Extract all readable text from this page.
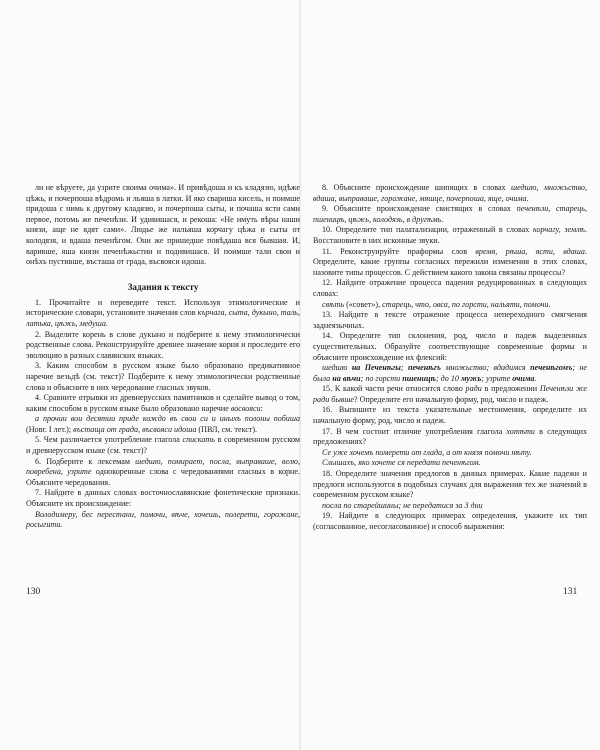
ли не вѣруете, да узрите своима очима». И привѣдоша и къ кладязю, идѣже цѣжь, и почерпоша вѣдромь и льяша в латки. И яко свариша кисель, и поимше придоша с нимь к другому кладязю, и почерпоша сыты, и почаша ясти сами первое, потомь же печенѣзи. И удивишася, и рекоша: «Не имуть вѣры наши князи, аще не ядят сами». Людье же нальяша корчагу цѣжа и сыты от колодязя, и вдаша печенѣгом. Они же пришедше повѣдаша вся бывшая. И, варивше, яша князи печенѣжьстии и подивишася. И поимше тали свои и онѣхъ пустивше, въсташа от града, въсвояси идоша.

Задания к тексту

1. Прочитайте и переведите текст. Используя этимологические и исторические словари, установите значения слов кърчага, сыта, дукыно, таль, латька, цѣжь, медуша.

2. Выделите корень в слове дукыно и подберите к нему этимологически родственные слова. Реконструируйте древнее значение корня и проследите его эволюцию в разных славянских языках.

3. Каким способом в русском языке было образовано предикативное наречие везьдѣ (см. текст)? Подберите к нему этимологически родственные слова и объясните в них чередование гласных звуков.

4. Сравните отрывки из древнерусских памятников и сделайте вывод о том, каким способом в русском языке было образовано наречие восвояси:

а прочии вои десятии приде кождо въ свои си и иныхъ полоны побиша (Новг. I лет.); въстаща от града, въсвояси идоша (ПВЛ, см. текст).

5. Чем различается употребление глагола спискать в современном русском и древнерусском языке (см. текст)?

6. Подберите к лексемам шедшю, помирает, посла, выправаше, велю, повребена, узрите однокоренные слова с чередованиями гласных в корне. Объясните чередования.

7. Найдите в данных словах восточнославянские фонетические признаки. Объясните их происхождение:

Володимеру, бес перестани, помочи, вѣче, хочешь, полерети, горожане, росыгити.

130

8. Объясните происхождение шипящих в словах шедшю, множьство, вдаша, выправаше, горожане, мяшце, почерпоша, яще, очима.

9. Объясните происхождение свистящих в словах печенѣзи, старець, пшеницѣ, цѣжь, колодязь, в другѣмь.

10. Определите тип палатализации, отраженный в словах корчагу, землѣ. Восстановите в них исконные звуки.

11. Реконструируйте праформы слов время, рѣша, ясти, вдаша. Определите, какие группы согласных пережили изменения в этих словах, назовите типы процессов. С действием какого закона связаны процессы?

12. Найдите отражение процесса падения редуцированных в следующих словах:

свѣть («совет»), старець, что, овса, по горсти, нальяти, помочи.

13. Найдите в тексте отражение процесса непереходного смягчения заднеязычных.

14. Определите тип склонения, род, число и падеж выделенных существительных. Образуйте соответствующие современные формы и объясните происхождение их флексий:

шедшю на Печенѣгы; печенѣгъ множьство; вдадимся печенѣгомъ; не была на вѣчи; по горсти пшеницѣ; до 10 мужь; узрите очима.

15. К какой части речи относится слово ради в предложении Печенѣзи же ради бывше? Определите его начальную форму, род, число и падеж.

16. Выпишите из текста указательные местоимения, определите их начальную форму, род, число и падеж.

17. В чем состоит отличие употребления глагола хотѣти в следующих предложениях?

Се уже хочемъ померети от глада, а от князя помочи нѣту.

Слышахъ, яко хочете ся передати печенѣгом.

18. Определите значения предлогов в данных примерах. Какие падежи и предлоги используются в подобных случаях для выражения тех же значений в современном русском языке?

посла по старейшины; не передатися за 3 дни

19. Найдите в следующих примерах определения, укажите их тип (согласованное, несогласованное) и способ выражения:

131
